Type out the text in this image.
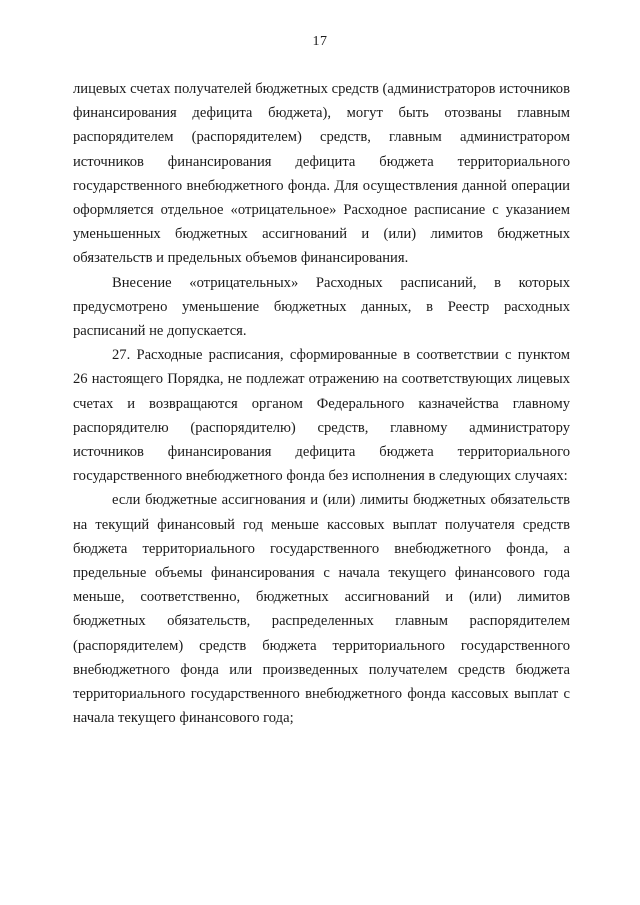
17

лицевых счетах получателей бюджетных средств (администраторов источников финансирования дефицита бюджета), могут быть отозваны главным распорядителем (распорядителем) средств, главным администратором источников финансирования дефицита бюджета территориального государственного внебюджетного фонда. Для осуществления данной операции оформляется отдельное «отрицательное» Расходное расписание с указанием уменьшенных бюджетных ассигнований и (или) лимитов бюджетных обязательств и предельных объемов финансирования.

Внесение «отрицательных» Расходных расписаний, в которых предусмотрено уменьшение бюджетных данных, в Реестр расходных расписаний не допускается.

27. Расходные расписания, сформированные в соответствии с пунктом 26 настоящего Порядка, не подлежат отражению на соответствующих лицевых счетах и возвращаются органом Федерального казначейства главному распорядителю (распорядителю) средств, главному администратору источников финансирования дефицита бюджета территориального государственного внебюджетного фонда без исполнения в следующих случаях:

если бюджетные ассигнования и (или) лимиты бюджетных обязательств на текущий финансовый год меньше кассовых выплат получателя средств бюджета территориального государственного внебюджетного фонда, а предельные объемы финансирования с начала текущего финансового года меньше, соответственно, бюджетных ассигнований и (или) лимитов бюджетных обязательств, распределенных главным распорядителем (распорядителем) средств бюджета территориального государственного внебюджетного фонда или произведенных получателем средств бюджета территориального государственного внебюджетного фонда кассовых выплат с начала текущего финансового года;
